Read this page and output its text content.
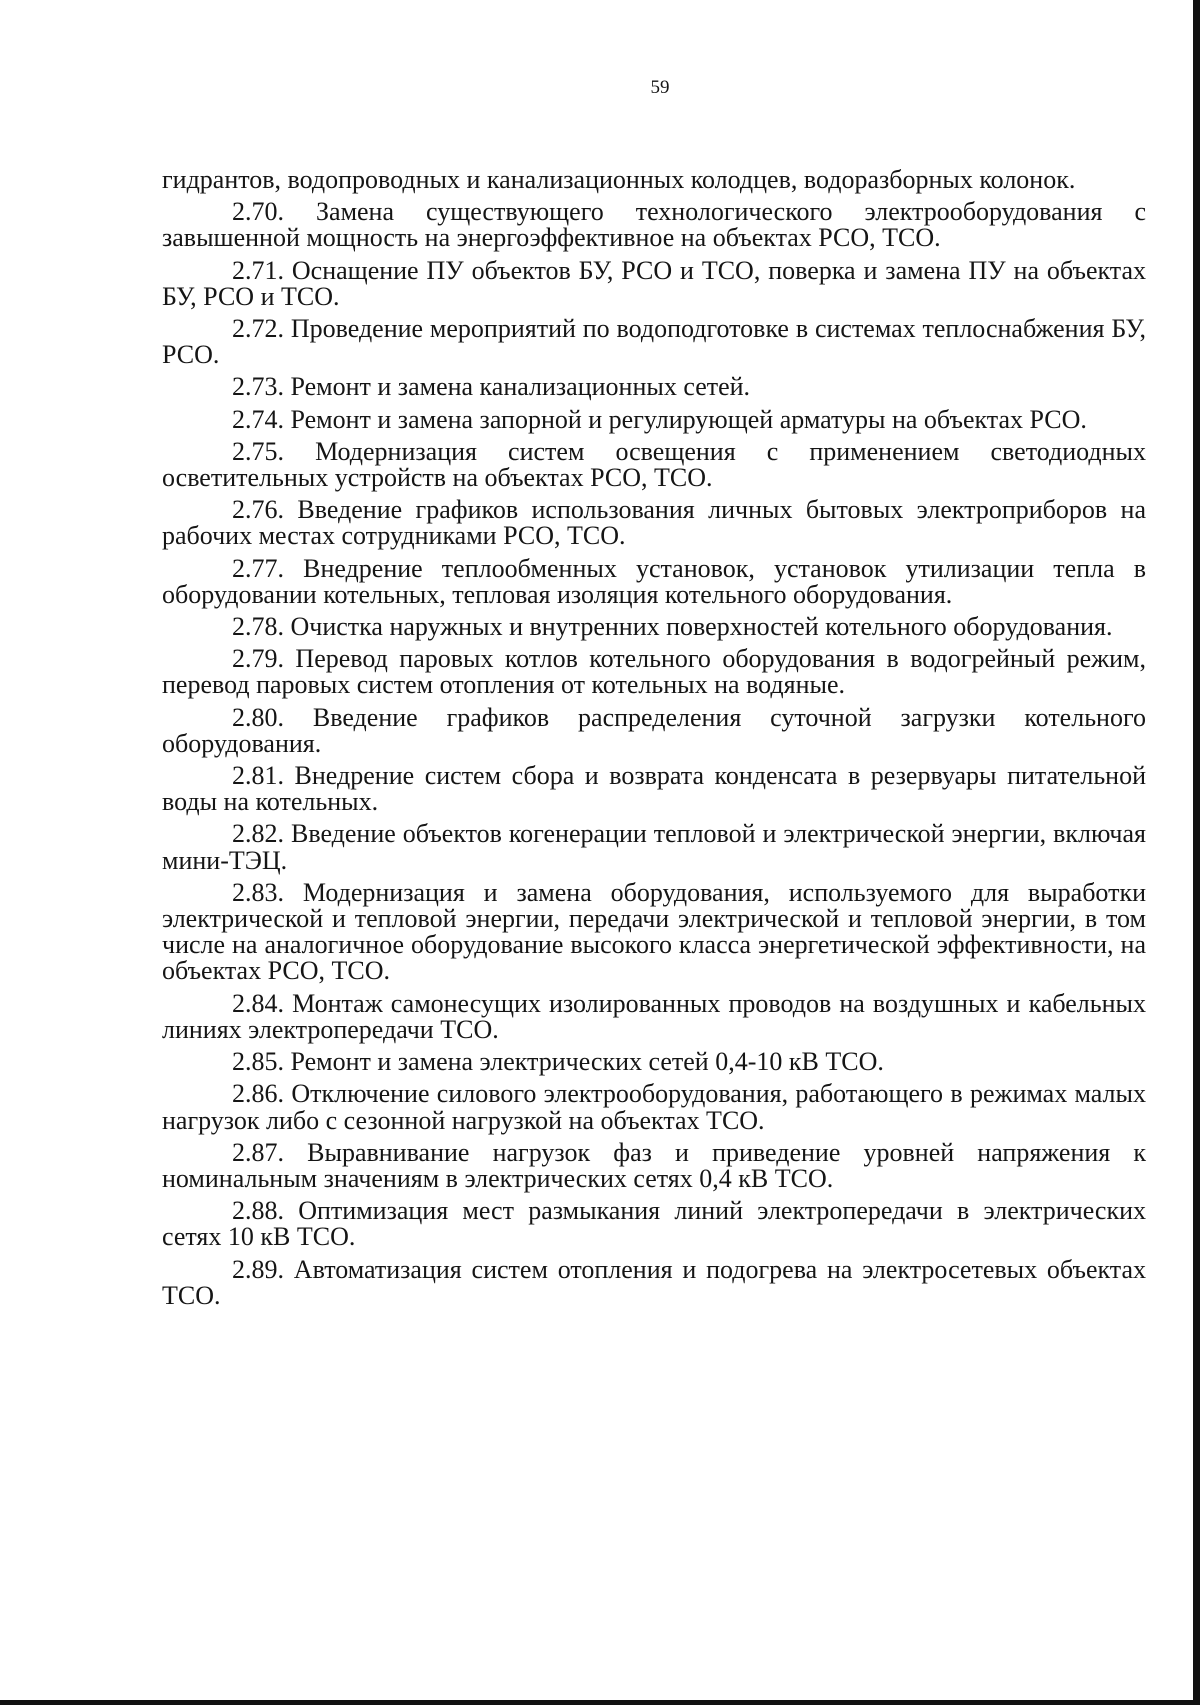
59

гидрантов, водопроводных и канализационных колодцев, водоразборных колонок.

2.70. Замена существующего технологического электрооборудования с завышенной мощность на энергоэффективное на объектах РСО, ТСО.

2.71. Оснащение ПУ объектов БУ, РСО и ТСО, поверка и замена ПУ на объектах БУ, РСО и ТСО.

2.72. Проведение мероприятий по водоподготовке в системах теплоснабжения БУ, РСО.

2.73. Ремонт и замена канализационных сетей.

2.74. Ремонт и замена запорной и регулирующей арматуры на объектах РСО.

2.75. Модернизация систем освещения с применением светодиодных осветительных устройств на объектах РСО, ТСО.

2.76. Введение графиков использования личных бытовых электроприборов на рабочих местах сотрудниками РСО, ТСО.

2.77. Внедрение теплообменных установок, установок утилизации тепла в оборудовании котельных, тепловая изоляция котельного оборудования.

2.78. Очистка наружных и внутренних поверхностей котельного оборудования.

2.79. Перевод паровых котлов котельного оборудования в водогрейный режим, перевод паровых систем отопления от котельных на водяные.

2.80. Введение графиков распределения суточной загрузки котельного оборудования.

2.81. Внедрение систем сбора и возврата конденсата в резервуары питательной воды на котельных.

2.82. Введение объектов когенерации тепловой и электрической энергии, включая мини-ТЭЦ.

2.83. Модернизация и замена оборудования, используемого для выработки электрической и тепловой энергии, передачи электрической и тепловой энергии, в том числе на аналогичное оборудование высокого класса энергетической эффективности, на объектах РСО, ТСО.

2.84. Монтаж самонесущих изолированных проводов на воздушных и кабельных линиях электропередачи ТСО.

2.85. Ремонт и замена электрических сетей 0,4-10 кВ ТСО.

2.86. Отключение силового электрооборудования, работающего в режимах малых нагрузок либо с сезонной нагрузкой на объектах ТСО.

2.87. Выравнивание нагрузок фаз и приведение уровней напряжения к номинальным значениям в электрических сетях 0,4 кВ ТСО.

2.88. Оптимизация мест размыкания линий электропередачи в электрических сетях 10 кВ ТСО.

2.89. Автоматизация систем отопления и подогрева на электросетевых объектах ТСО.
